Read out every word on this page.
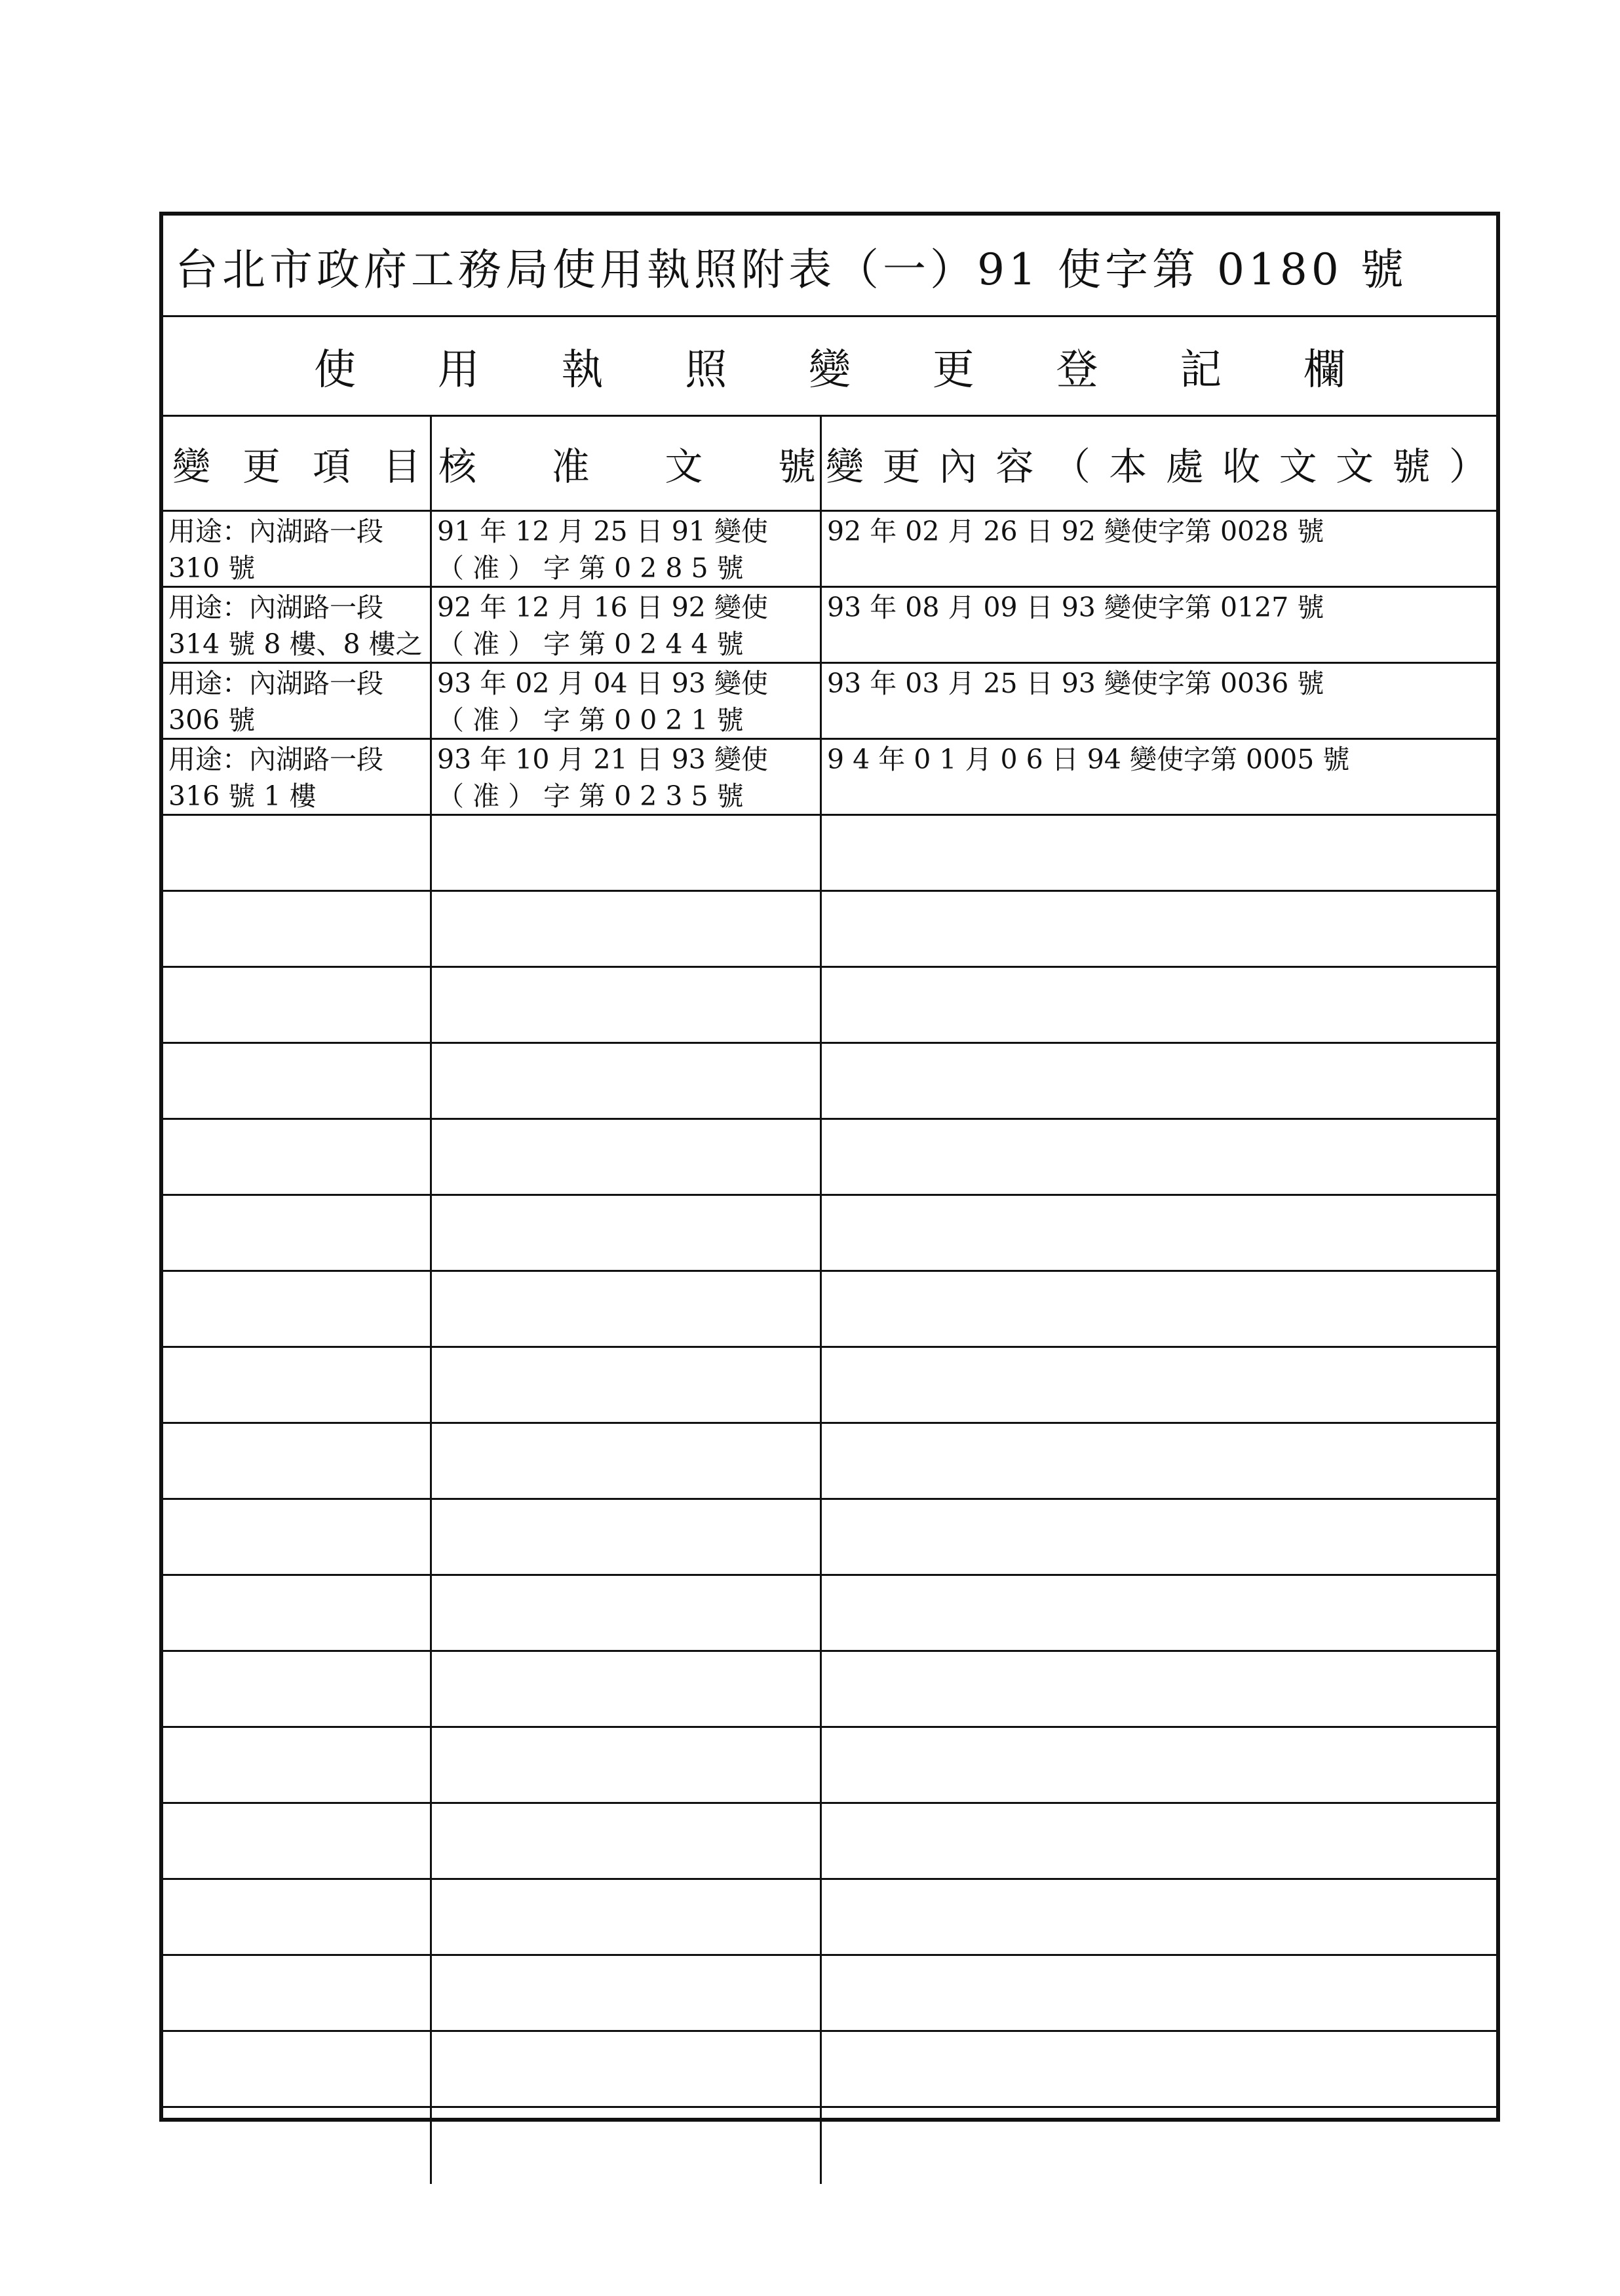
台北市政府工務局使用執照附表（一）91 使字第 0180 號
使 用 執 照 變 更 登 記 欄
變 更 項 目 核 准 文 號 變 更 內 容 （ 本 處 收 文 文 號 ）
用途：內湖路一段
310 號
91 年 12 月 25 日 91 變使
（ 准 ） 字 第 0 2 8 5 號
92 年 02 月 26 日 92 變使字第 0028 號
用途：內湖路一段
314 號 8 樓、8 樓之
92 年 12 月 16 日 92 變使
（ 准 ） 字 第 0 2 4 4 號
93 年 08 月 09 日 93 變使字第 0127 號
用途：內湖路一段
306 號
93 年 02 月 04 日 93 變使
（ 准 ） 字 第 0 0 2 1 號
93 年 03 月 25 日 93 變使字第 0036 號
用途：內湖路一段
316 號 1 樓
93 年 10 月 21 日 93 變使
（ 准 ） 字 第 0 2 3 5 號
9 4 年 0 1 月 0 6 日 94 變使字第 0005 號
